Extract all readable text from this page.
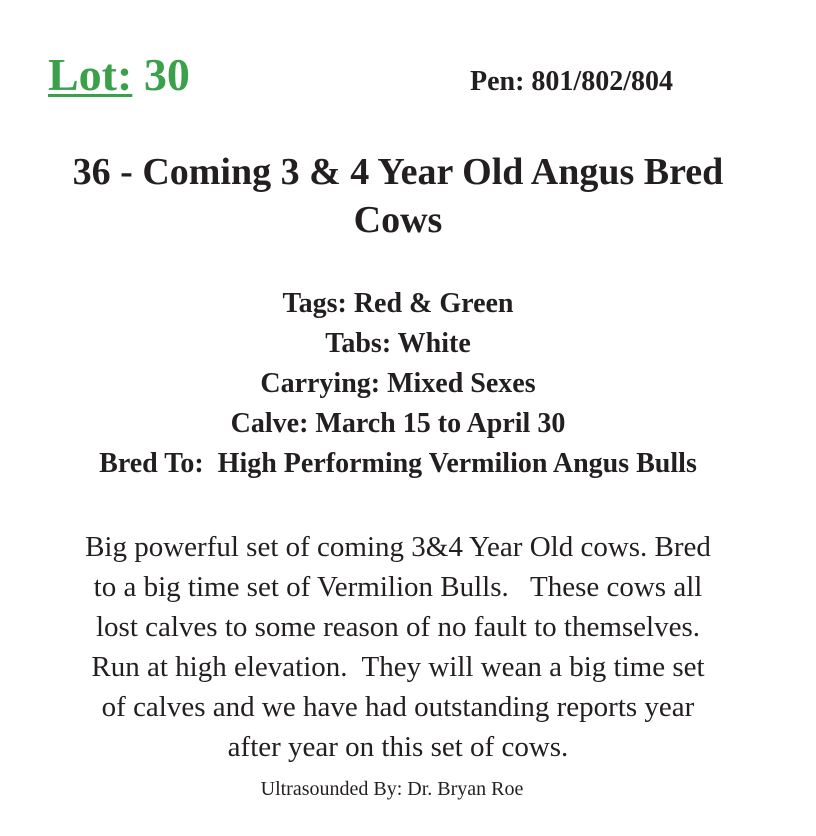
Lot: 30	Pen: 801/802/804
36 - Coming 3 & 4 Year Old Angus Bred
Cows
Tags: Red & Green
Tabs: White
Carrying: Mixed Sexes
Calve: March 15 to April 30
Bred To:  High Performing Vermilion Angus Bulls
Big powerful set of coming 3&4 Year Old cows. Bred
to a big time set of Vermilion Bulls.   These cows all
lost calves to some reason of no fault to themselves.
Run at high elevation.  They will wean a big time set
of calves and we have had outstanding reports year
after year on this set of cows.
Ultrasounded By: Dr. Bryan Roe
